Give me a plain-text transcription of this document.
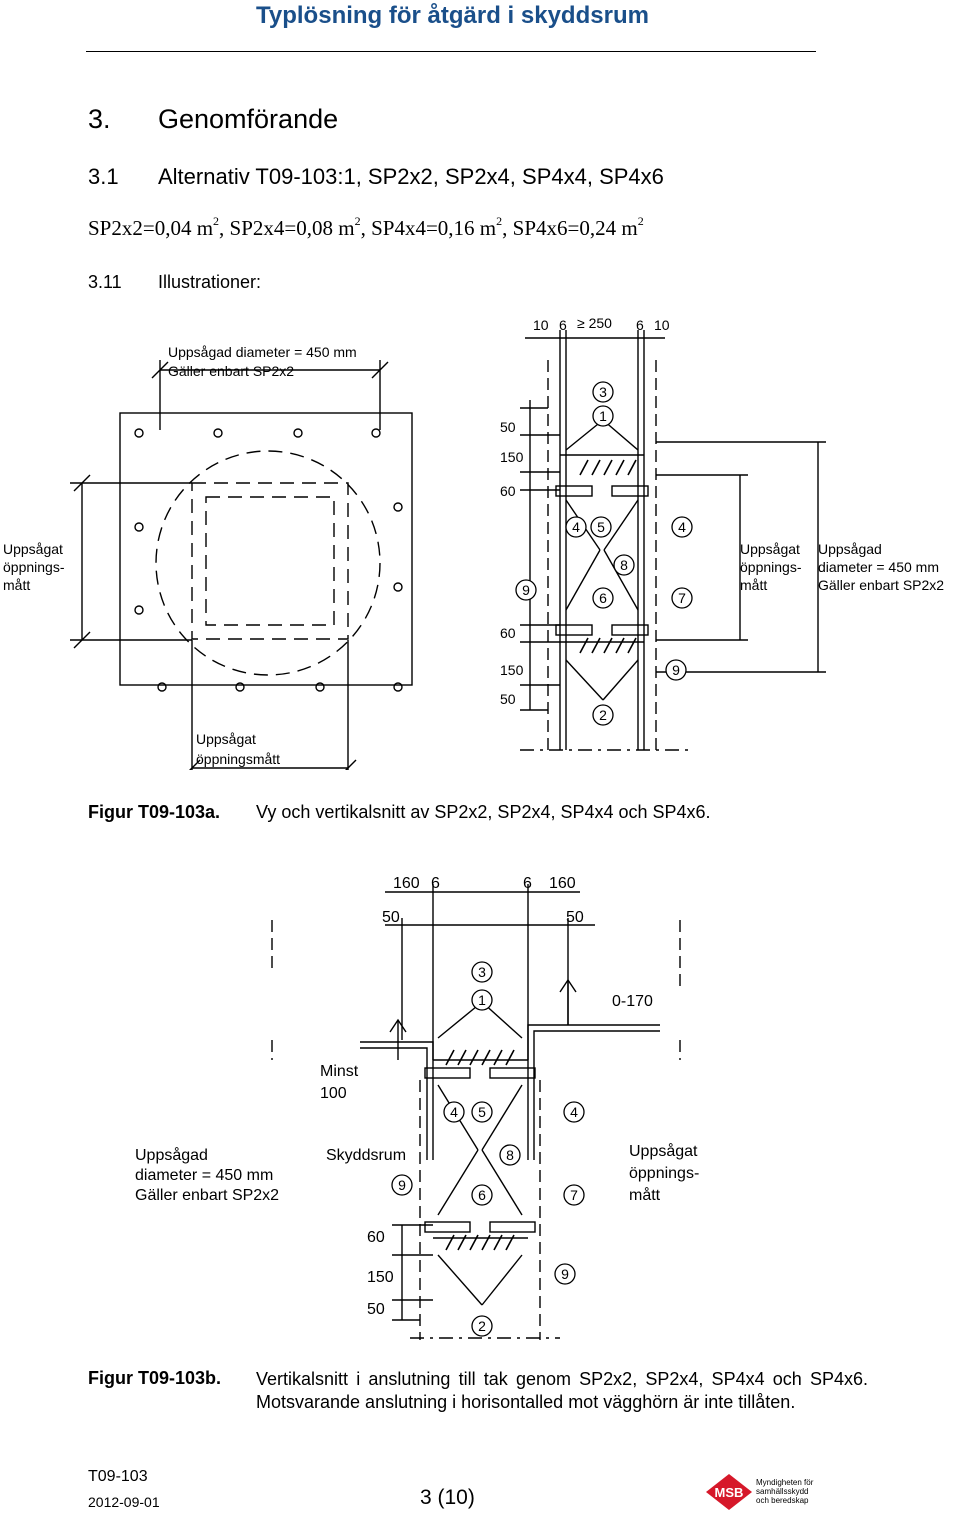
Typlösning för åtgärd i skyddsrum
3. Genomförande
3.1 Alternativ T09-103:1, SP2x2, SP2x4, SP4x4, SP4x6
SP2x2=0,04 $m^2$, SP2x4=0,08 $m^2$, SP4x4=0,16 $m^2$, SP4x6=0,24 $m^2$
3.11 Illustrationer:
3
1
4 5	4
8
9	6	7
9
2
10 6 ≥ 250 6 10
50
150
60
60
150
50
Uppsågad diameter = 450 mm
Gäller enbart SP2x2
Uppsågat
öppnings-
mått
Uppsågat
öppningsmått
Uppsågat
öppnings-
mått
Uppsågad
diameter = 450 mm
Gäller enbart SP2x2
Figur T09-103a. Vy och vertikalsnitt av SP2x2, SP2x4, SP4x4 och SP4x6.
3
1
4 5	4
8
9
6	7
9
2
160 6	6 160
50	50
0-170
Minst
100
Uppsågad
diameter = 450 mm
Gäller enbart SP2x2
Skyddsrum	Uppsågat
öppnings-
mått
60
150
50
Figur T09-103b. Vertikalsnitt i anslutning till tak genom SP2x2, SP2x4, SP4x4 och SP4x6. Motsvarande anslutning i horisontalled mot vägghörn är inte tillåten.
T09-103
2012-09-01	3 (10)	MSB
Myndigheten för
samhällsskydd
och beredskap
